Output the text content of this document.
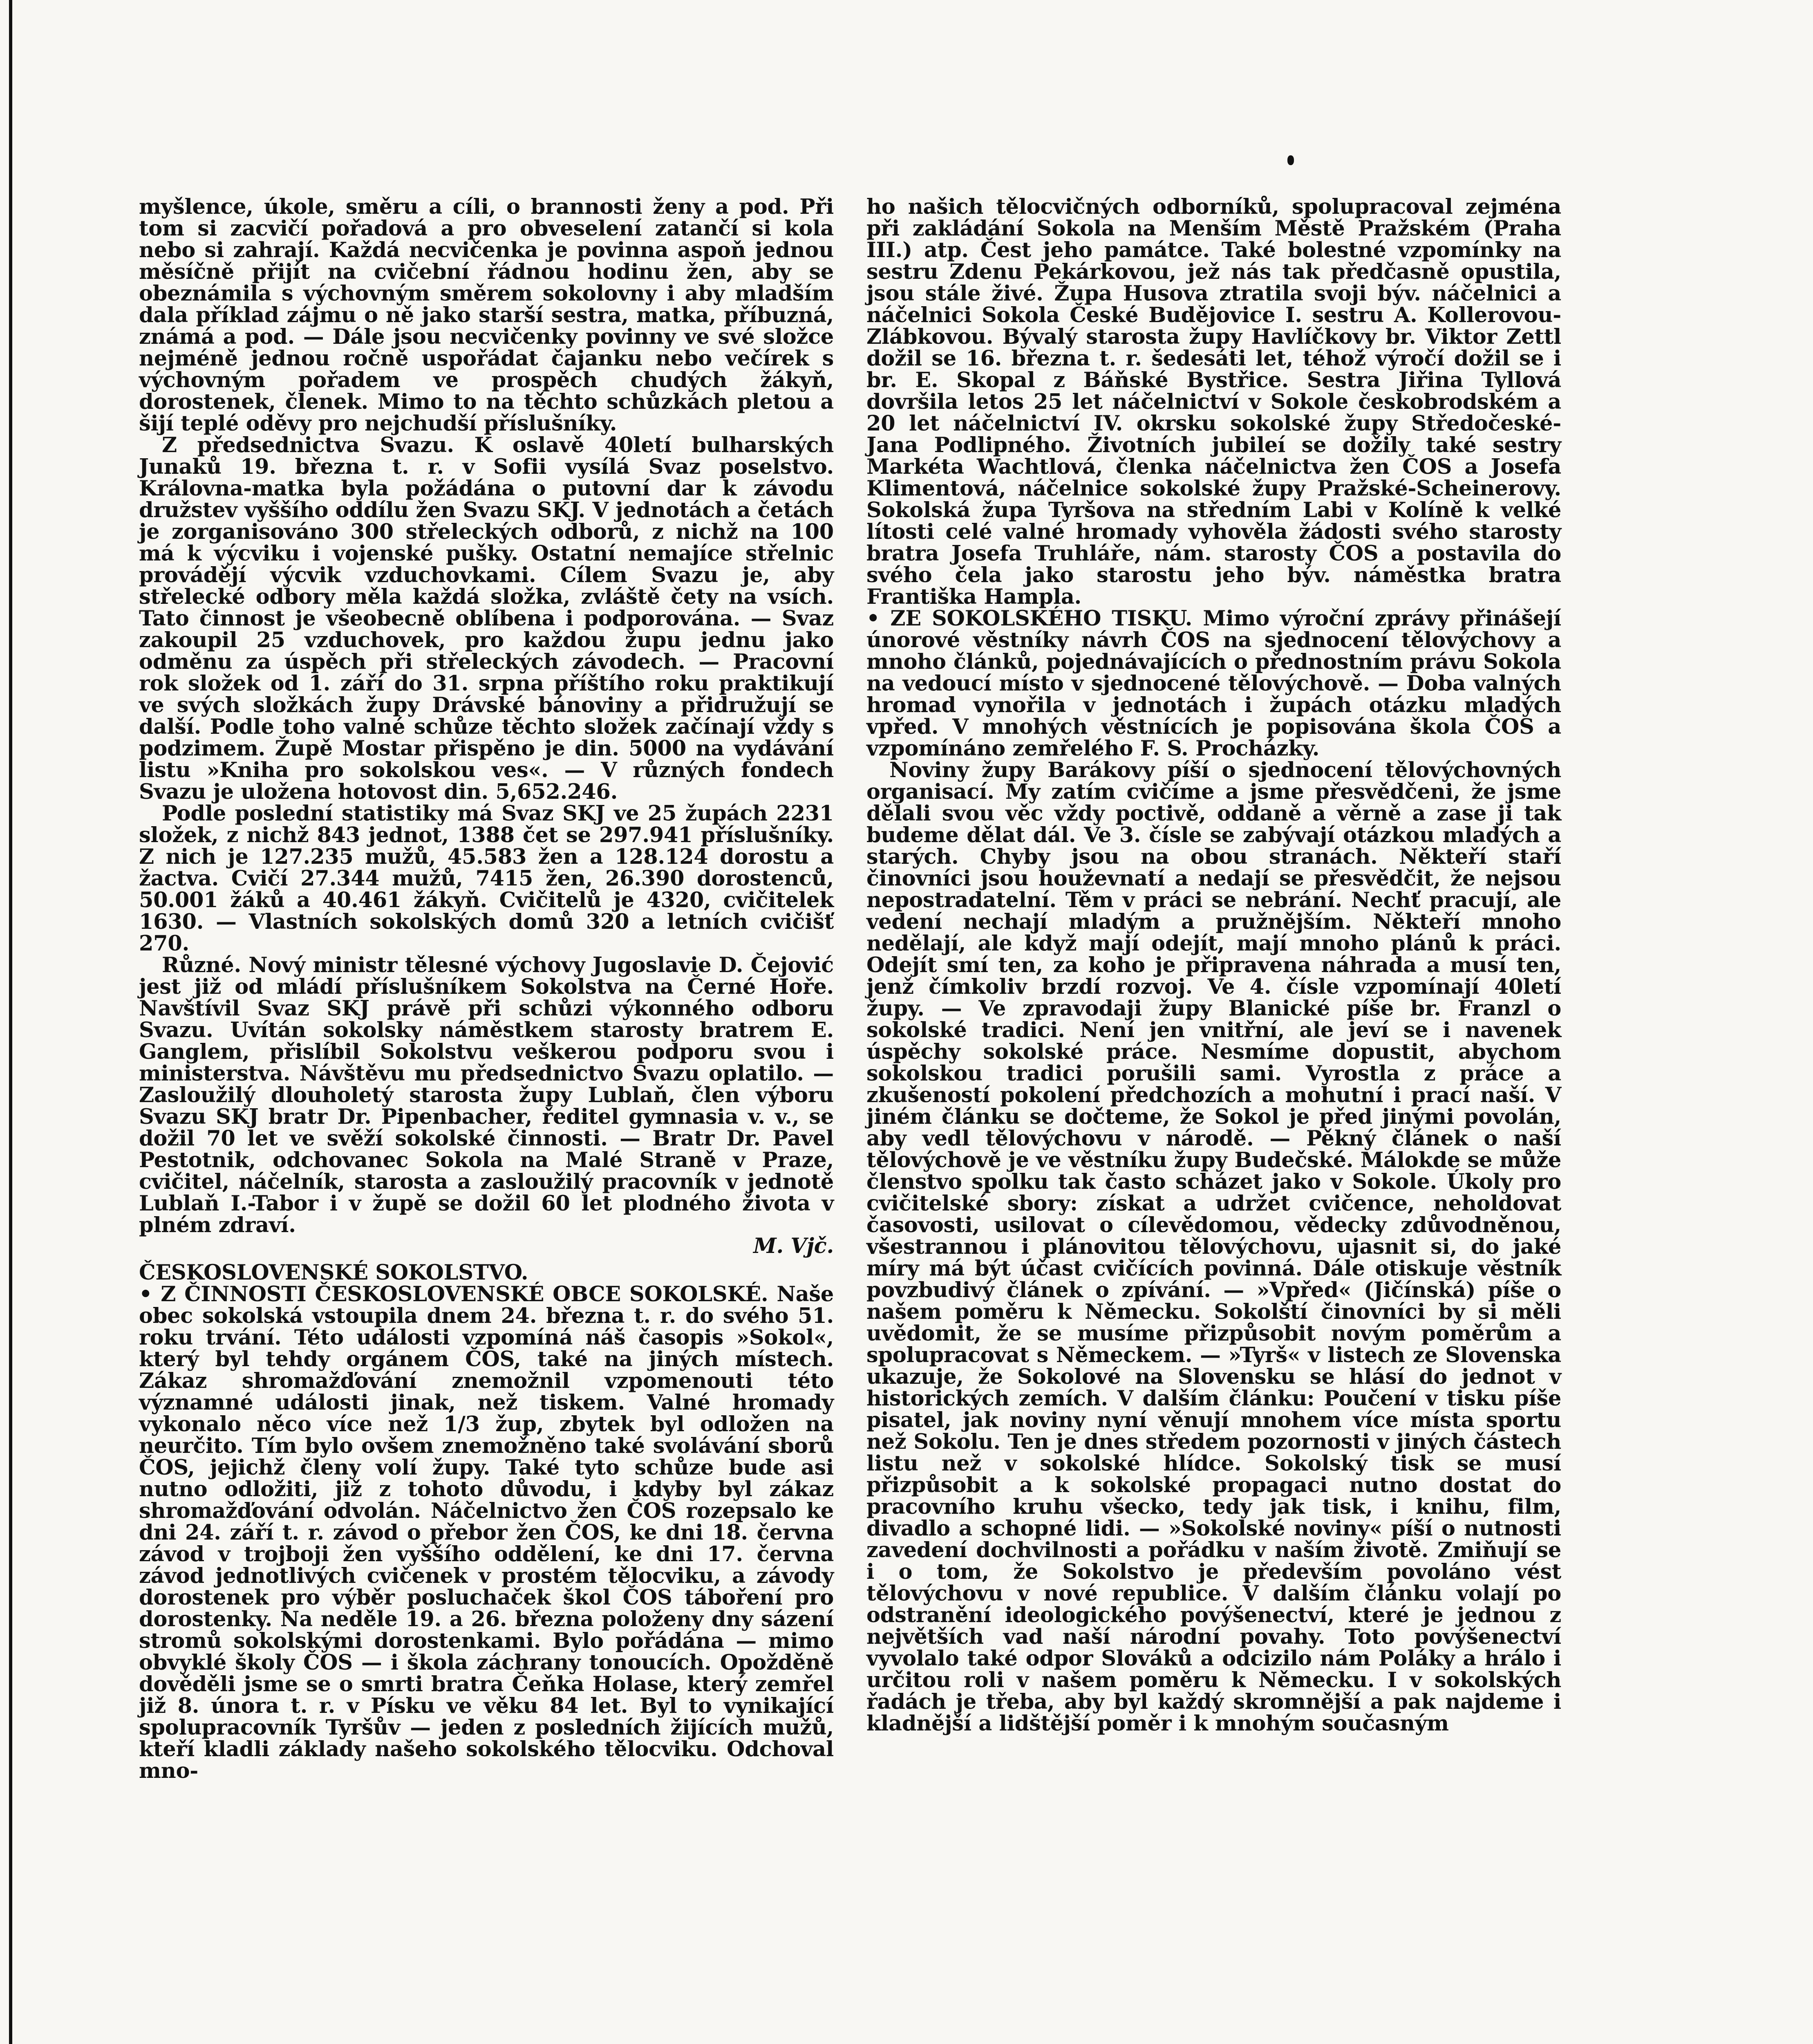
myšlence, úkole, směru a cíli, o brannosti ženy a pod. Při tom si zacvičí pořadová a pro obveselení zatančí si kola nebo si zahrají. Každá necvičenka je povinna aspoň jednou měsíčně přijít na cvičební řádnou hodinu žen, aby se obeznámila s výchovným směrem sokolovny i aby mladším dala příklad zájmu o ně jako starší sestra, matka, příbuzná, známá a pod. — Dále jsou necvičenky povinny ve své složce nejméně jednou ročně uspořádat čajanku nebo večírek s výchovným pořadem ve prospěch chudých žákyň, dorostenek, členek. Mimo to na těchto schůzkách pletou a šijí teplé oděvy pro nejchudší příslušníky.

Z předsednictva Svazu. K oslavě 40letí bulharských Junaků 19. března t. r. v Sofii vysílá Svaz poselstvo. Královna-matka byla požádána o putovní dar k závodu družstev vyššího oddílu žen Svazu SKJ. V jednotách a četách je zorganisováno 300 střeleckých odborů, z nichž na 100 má k výcviku i vojenské pušky. Ostatní nemajíce střelnic provádějí výcvik vzduchovkami. Cílem Svazu je, aby střelecké odbory měla každá složka, zvláště čety na vsích. Tato činnost je všeobecně oblíbena i podporována. — Svaz zakoupil 25 vzduchovek, pro každou župu jednu jako odměnu za úspěch při střeleckých závodech. — Pracovní rok složek od 1. září do 31. srpna příštího roku praktikují ve svých složkách župy Drávské bánoviny a přidružují se další. Podle toho valné schůze těchto složek začínají vždy s podzimem. Župě Mostar přispěno je din. 5000 na vydávání listu »Kniha pro sokolskou ves«. — V různých fondech Svazu je uložena hotovost din. 5,652.246.

Podle poslední statistiky má Svaz SKJ ve 25 župách 2231 složek, z nichž 843 jednot, 1388 čet se 297.941 příslušníky. Z nich je 127.235 mužů, 45.583 žen a 128.124 dorostu a žactva. Cvičí 27.344 mužů, 7415 žen, 26.390 dorostenců, 50.001 žáků a 40.461 žákyň. Cvičitelů je 4320, cvičitelek 1630. — Vlastních sokolských domů 320 a letních cvičišť 270.

Různé. Nový ministr tělesné výchovy Jugoslavie D. Čejović jest již od mládí příslušníkem Sokolstva na Černé Hoře. Navštívil Svaz SKJ právě při schůzi výkonného odboru Svazu. Uvítán sokolsky náměstkem starosty bratrem E. Ganglem, přislíbil Sokolstvu veškerou podporu svou i ministerstva. Návštěvu mu předsednictvo Svazu oplatilo. — Zasloužilý dlouholetý starosta župy Lublaň, člen výboru Svazu SKJ bratr Dr. Pipenbacher, ředitel gymnasia v. v., se dožil 70 let ve svěží sokolské činnosti. — Bratr Dr. Pavel Pestotnik, odchovanec Sokola na Malé Straně v Praze, cvičitel, náčelník, starosta a zasloužilý pracovník v jednotě Lublaň I.-Tabor i v župě se dožil 60 let plodného života v plném zdraví.

M. Vjč.

ČESKOSLOVENSKÉ SOKOLSTVO.

• Z ČINNOSTI ČESKOSLOVENSKÉ OBCE SOKOLSKÉ. Naše obec sokolská vstoupila dnem 24. března t. r. do svého 51. roku trvání. Této události vzpomíná náš časopis »Sokol«, který byl tehdy orgánem ČOS, také na jiných místech. Zákaz shromažďování znemožnil vzpomenouti této významné události jinak, než tiskem. Valné hromady vykonalo něco více než 1/3 žup, zbytek byl odložen na neurčito. Tím bylo ovšem znemožněno také svolávání sborů ČOS, jejichž členy volí župy. Také tyto schůze bude asi nutno odložiti, již z tohoto důvodu, i kdyby byl zákaz shromažďování odvolán. Náčelnictvo žen ČOS rozepsalo ke dni 24. září t. r. závod o přebor žen ČOS, ke dni 18. června závod v trojboji žen vyššího oddělení, ke dni 17. června závod jednotlivých cvičenek v prostém tělocviku, a závody dorostenek pro výběr posluchaček škol ČOS táboření pro dorostenky. Na neděle 19. a 26. března položeny dny sázení stromů sokolskými dorostenkami. Bylo pořádána — mimo obvyklé školy ČOS — i škola záchrany tonoucích. Opožděně dověděli jsme se o smrti bratra Čeňka Holase, který zemřel již 8. února t. r. v Písku ve věku 84 let. Byl to vynikající spolupracovník Tyršův — jeden z posledních žijících mužů, kteří kladli základy našeho sokolského tělocviku. Odchoval mno-

ho našich tělocvičných odborníků, spolupracoval zejména při zakládání Sokola na Menším Městě Pražském (Praha III.) atp. Čest jeho památce. Také bolestné vzpomínky na sestru Zdenu Pekárkovou, jež nás tak předčasně opustila, jsou stále živé. Župa Husova ztratila svoji býv. náčelnici a náčelnici Sokola České Budějovice I. sestru A. Kollerovou-Zlábkovou. Bývalý starosta župy Havlíčkovy br. Viktor Zettl dožil se 16. března t. r. šedesáti let, téhož výročí dožil se i br. E. Skopal z Báňské Bystřice. Sestra Jiřina Tyllová dovršila letos 25 let náčelnictví v Sokole českobrodském a 20 let náčelnictví IV. okrsku sokolské župy Středočeské-Jana Podlipného. Životních jubileí se dožily také sestry Markéta Wachtlová, členka náčelnictva žen ČOS a Josefa Klimentová, náčelnice sokolské župy Pražské-Scheinerovy. Sokolská župa Tyršova na středním Labi v Kolíně k velké lítosti celé valné hromady vyhověla žádosti svého starosty bratra Josefa Truhláře, nám. starosty ČOS a postavila do svého čela jako starostu jeho býv. náměstka bratra Františka Hampla.

• ZE SOKOLSKÉHO TISKU. Mimo výroční zprávy přinášejí únorové věstníky návrh ČOS na sjednocení tělovýchovy a mnoho článků, pojednávajících o přednostním právu Sokola na vedoucí místo v sjednocené tělovýchově. — Doba valných hromad vynořila v jednotách i župách otázku mladých vpřed. V mnohých věstnících je popisována škola ČOS a vzpomínáno zemřelého F. S. Procházky.

Noviny župy Barákovy píší o sjednocení tělovýchovných organisací. My zatím cvičíme a jsme přesvědčeni, že jsme dělali svou věc vždy poctivě, oddaně a věrně a zase ji tak budeme dělat dál. Ve 3. čísle se zabývají otázkou mladých a starých. Chyby jsou na obou stranách. Někteří staří činovníci jsou houževnatí a nedají se přesvědčit, že nejsou nepostradatelní. Těm v práci se nebrání. Nechť pracují, ale vedení nechají mladým a pružnějším. Někteří mnoho nedělají, ale když mají odejít, mají mnoho plánů k práci. Odejít smí ten, za koho je připravena náhrada a musí ten, jenž čímkoliv brzdí rozvoj. Ve 4. čísle vzpomínají 40letí župy. — Ve zpravodaji župy Blanické píše br. Franzl o sokolské tradici. Není jen vnitřní, ale jeví se i navenek úspěchy sokolské práce. Nesmíme dopustit, abychom sokolskou tradici porušili sami. Vyrostla z práce a zkušeností pokolení předchozích a mohutní i prací naší. V jiném článku se dočteme, že Sokol je před jinými povolán, aby vedl tělovýchovu v národě. — Pěkný článek o naší tělovýchově je ve věstníku župy Budečské. Málokde se může členstvo spolku tak často scházet jako v Sokole. Úkoly pro cvičitelské sbory: získat a udržet cvičence, neholdovat časovosti, usilovat o cílevědomou, vědecky zdůvodněnou, všestrannou i plánovitou tělovýchovu, ujasnit si, do jaké míry má být účast cvičících povinná. Dále otiskuje věstník povzbudivý článek o zpívání. — »Vpřed« (Jičínská) píše o našem poměru k Německu. Sokolští činovníci by si měli uvědomit, že se musíme přizpůsobit novým poměrům a spolupracovat s Německem. — »Tyrš« v listech ze Slovenska ukazuje, že Sokolové na Slovensku se hlásí do jednot v historických zemích. V dalším článku: Poučení v tisku píše pisatel, jak noviny nyní věnují mnohem více místa sportu než Sokolu. Ten je dnes středem pozornosti v jiných částech listu než v sokolské hlídce. Sokolský tisk se musí přizpůsobit a k sokolské propagaci nutno dostat do pracovního kruhu všecko, tedy jak tisk, i knihu, film, divadlo a schopné lidi. — »Sokolské noviny« píší o nutnosti zavedení dochvilnosti a pořádku v naším životě. Zmiňují se i o tom, že Sokolstvo je především povoláno vést tělovýchovu v nové republice. V dalším článku volají po odstranění ideologického povýšenectví, které je jednou z největších vad naší národní povahy. Toto povýšenectví vyvolalo také odpor Slováků a odcizilo nám Poláky a hrálo i určitou roli v našem poměru k Německu. I v sokolských řadách je třeba, aby byl každý skromnější a pak najdeme i kladnější a lidštější poměr i k mnohým současným
